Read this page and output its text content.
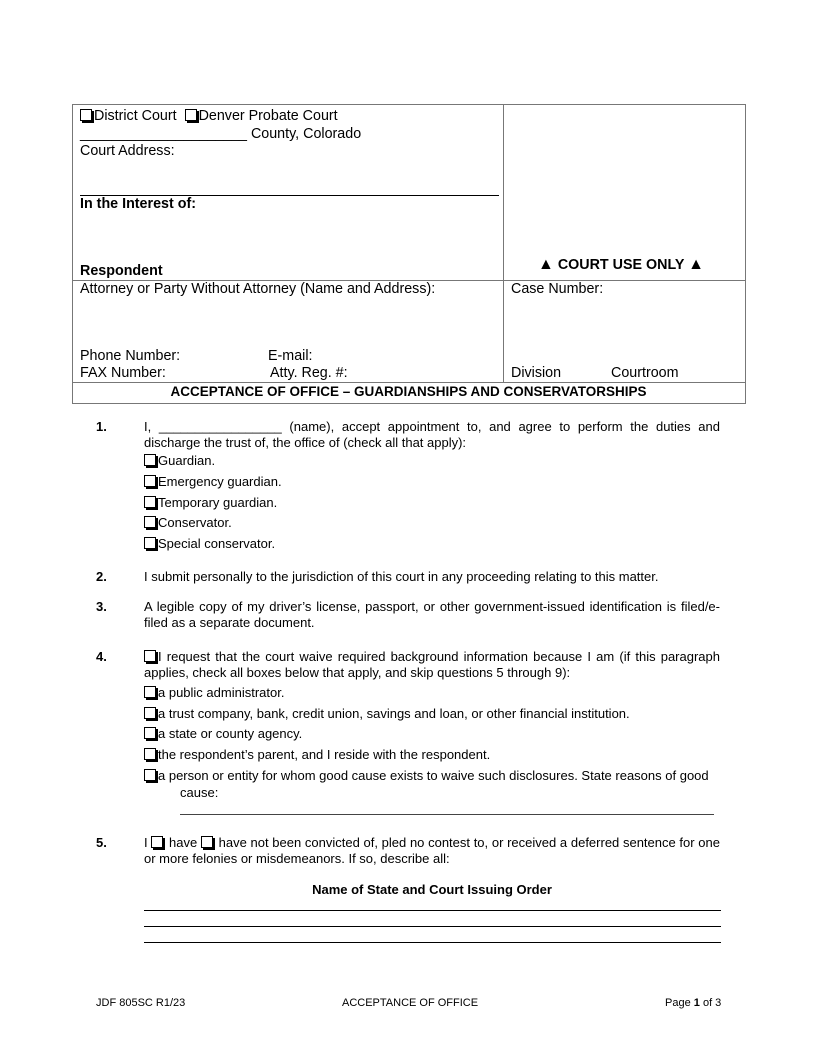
District Court Denver Probate Court
_____________________ County, Colorado
Court Address:
In the Interest of:
Respondent	▲ COURT USE ONLY ▲
Attorney or Party Without Attorney (Name and Address):
Phone Number:	E-mail:
FAX Number:	Atty. Reg. #:
Case Number:
Division	Courtroom
ACCEPTANCE OF OFFICE – GUARDIANSHIPS AND CONSERVATORSHIPS
1.	I, _________________ (name), accept appointment to, and agree to perform the duties and discharge the trust of, the office of (check all that apply):
Guardian.
Emergency guardian.
Temporary guardian.
Conservator.
Special conservator.
2.	I submit personally to the jurisdiction of this court in any proceeding relating to this matter.
3.	A legible copy of my driver’s license, passport, or other government-issued identification is filed/e-filed as a separate document.
4.	I request that the court waive required background information because I am (if this paragraph applies, check all boxes below that apply, and skip questions 5 through 9):
a public administrator.
a trust company, bank, credit union, savings and loan, or other financial institution.
a state or county agency.
the respondent’s parent, and I reside with the respondent.
a person or entity for whom good cause exists to waive such disclosures. State reasons of good
cause:
5.	I have have not been convicted of, pled no contest to, or received a deferred sentence for one or more felonies or misdemeanors. If so, describe all:
Name of State and Court Issuing Order
JDF 805SC R1/23	ACCEPTANCE OF OFFICE	Page 1 of 3
